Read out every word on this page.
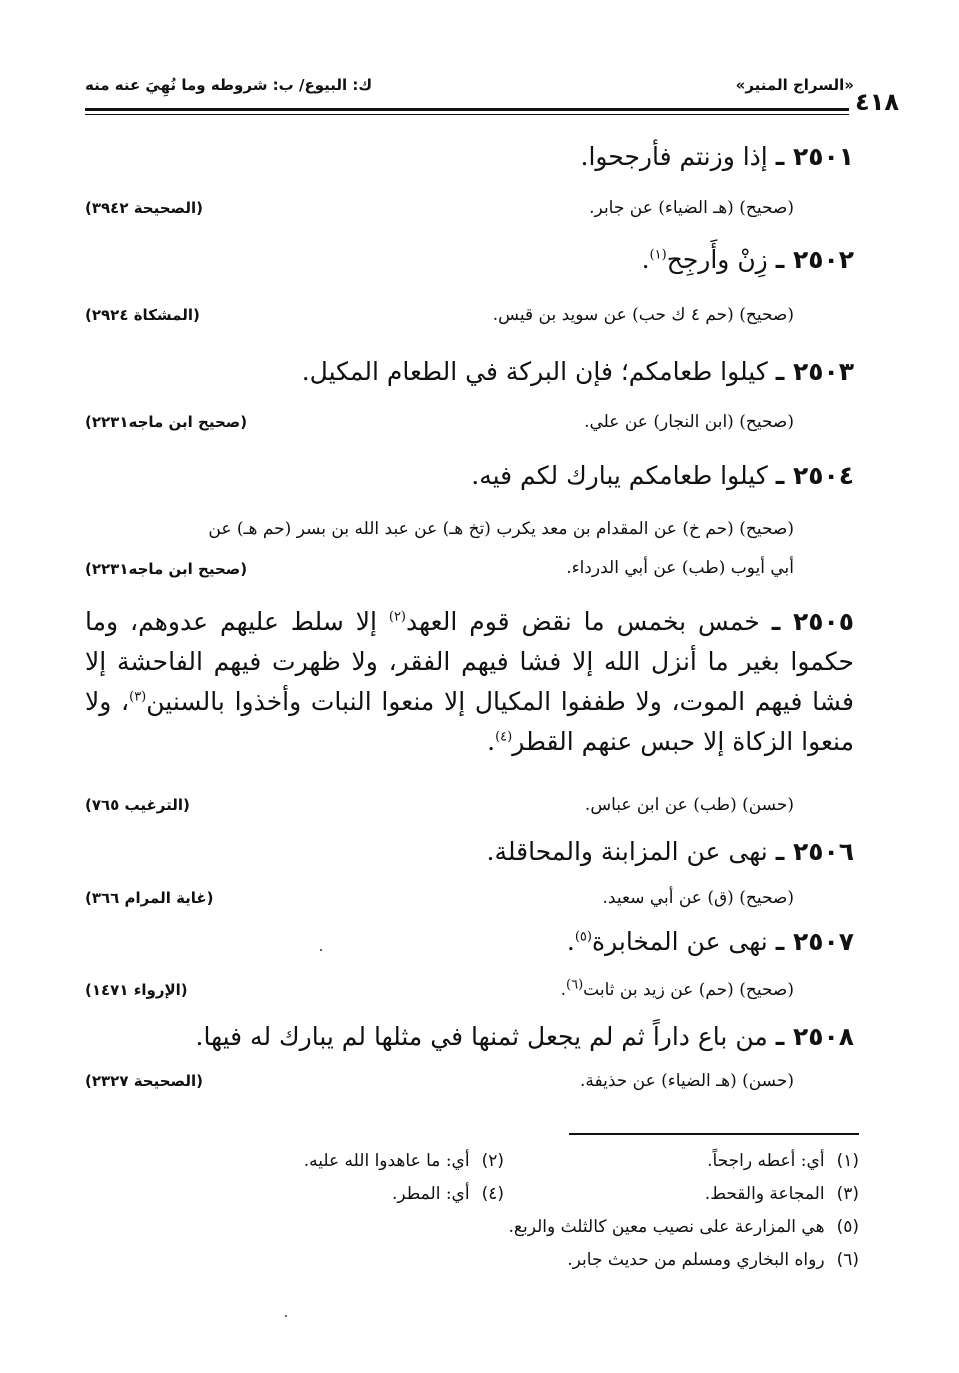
«السراج المنير»
ك: البيوع/ ب: شروطه وما نُهِيَ عنه منه
٤١٨
٢٥٠١ ـ إذا وزنتم فأرجحوا.
(صحيح) (هـ الضياء) عن جابر.
(الصحيحة ٣٩٤٢)
٢٥٠٢ ـ زِنْ وأَرجِح$^{(١)}$.
(صحيح) (حم ٤ ك حب) عن سويد بن قيس.
(المشكاة ٢٩٢٤)
٢٥٠٣ ـ كيلوا طعامكم؛ فإن البركة في الطعام المكيل.
(صحيح) (ابن النجار) عن علي.
(صحيح ابن ماجه٢٢٣١)
٢٥٠٤ ـ كيلوا طعامكم يبارك لكم فيه.
(صحيح) (حم خ) عن المقدام بن معد يكرب (تخ هـ) عن عبد الله بن بسر (حم هـ) عن
أبي أيوب (طب) عن أبي الدرداء.
(صحيح ابن ماجه٢٢٣١)
٢٥٠٥ ـ خمس بخمس ما نقض قوم العهد$^{(٢)}$ إلا سلط عليهم عدوهم، وما حكموا بغير ما أنزل الله إلا فشا فيهم الفقر، ولا ظهرت فيهم الفاحشة إلا فشا فيهم الموت، ولا طففوا المكيال إلا منعوا النبات وأخذوا بالسنين$^{(٣)}$، ولا منعوا الزكاة إلا حبس عنهم القطر$^{(٤)}$.
(حسن) (طب) عن ابن عباس.
(الترغيب ٧٦٥)
٢٥٠٦ ـ نهى عن المزابنة والمحاقلة.
(صحيح) (ق) عن أبي سعيد.
(غاية المرام ٣٦٦)
٢٥٠٧ ـ نهى عن المخابرة$^{(٥)}$.
(صحيح) (حم) عن زيد بن ثابت$^{(٦)}$.
(الإرواء ١٤٧١)
٢٥٠٨ ـ من باع داراً ثم لم يجعل ثمنها في مثلها لم يبارك له فيها.
(حسن) (هـ الضياء) عن حذيفة.
(الصحيحة ٢٣٢٧)
(١)أي: أعطه راجحاً.
(٢)أي: ما عاهدوا الله عليه.
(٣)المجاعة والقحط.
(٤)أي: المطر.
(٥)هي المزارعة على نصيب معين كالثلث والربع.
(٦)رواه البخاري ومسلم من حديث جابر.
